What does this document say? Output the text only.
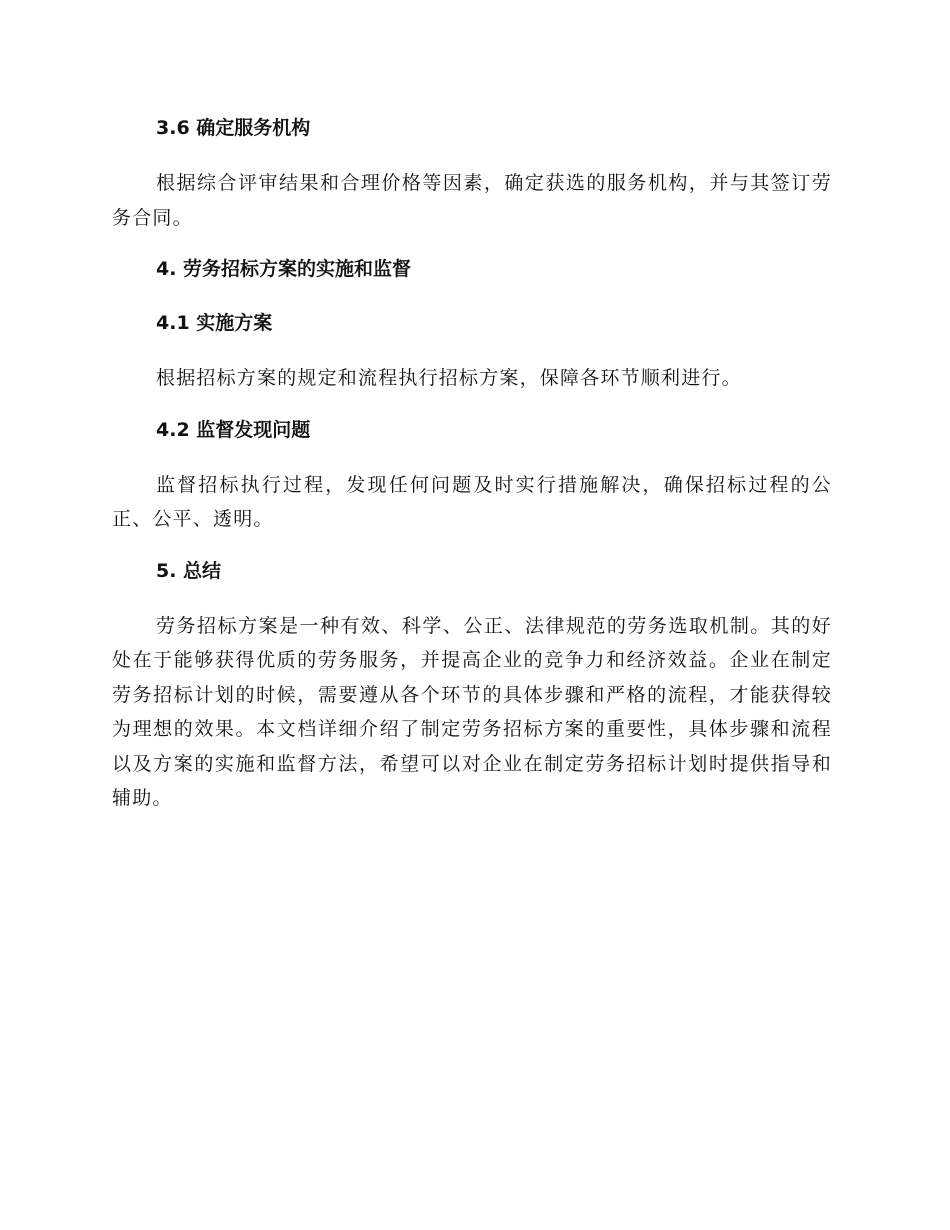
3.6 确定服务机构

根据综合评审结果和合理价格等因素，确定获选的服务机构，并与其签订劳务合同。

4. 劳务招标方案的实施和监督
4.1 实施方案

根据招标方案的规定和流程执行招标方案，保障各环节顺利进行。

4.2 监督发现问题

监督招标执行过程，发现任何问题及时实行措施解决，确保招标过程的公正、公平、透明。

5. 总结

劳务招标方案是一种有效、科学、公正、法律规范的劳务选取机制。其的好处在于能够获得优质的劳务服务，并提高企业的竞争力和经济效益。企业在制定劳务招标计划的时候，需要遵从各个环节的具体步骤和严格的流程，才能获得较为理想的效果。本文档详细介绍了制定劳务招标方案的重要性，具体步骤和流程以及方案的实施和监督方法，希望可以对企业在制定劳务招标计划时提供指导和辅助。
